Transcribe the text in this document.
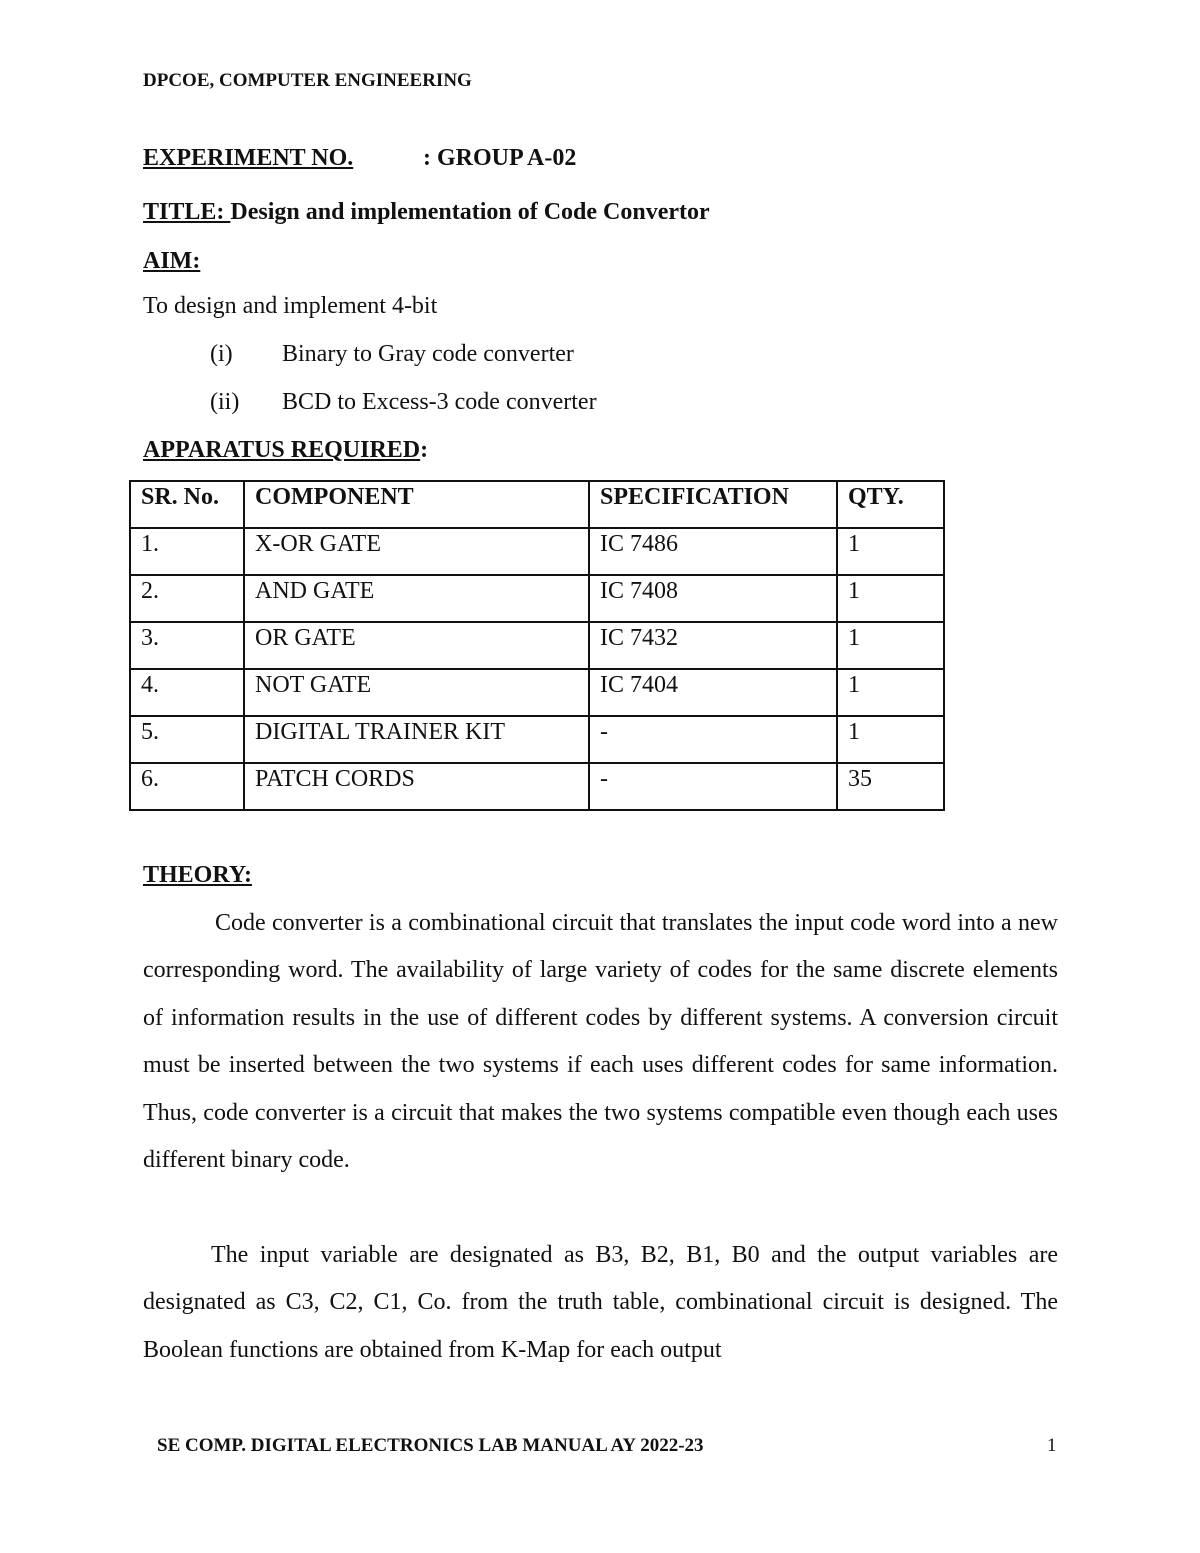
DPCOE, COMPUTER ENGINEERING
EXPERIMENT NO.	: GROUP A-02
TITLE: Design and implementation of Code Convertor
AIM:
To design and implement 4-bit
(i) Binary to Gray code converter
(ii) BCD to Excess-3 code converter
APPARATUS REQUIRED:
SR. No.	COMPONENT	SPECIFICATION	QTY.
1.	X-OR GATE	IC 7486	1
2.	AND GATE	IC 7408	1
3.	OR GATE	IC 7432	1
4.	NOT GATE	IC 7404	1
5.	DIGITAL TRAINER KIT	-	1
6.	PATCH CORDS	-	35
THEORY:
Code converter is a combinational circuit that translates the input code word into a new corresponding word. The availability of large variety of codes for the same discrete elements of information results in the use of different codes by different systems. A conversion circuit must be inserted between the two systems if each uses different codes for same information. Thus, code converter is a circuit that makes the two systems compatible even though each uses different binary code.
The input variable are designated as B3, B2, B1, B0 and the output variables are designated as C3, C2, C1, Co. from the truth table, combinational circuit is designed. The Boolean functions are obtained from K-Map for each output
SE COMP. DIGITAL ELECTRONICS LAB MANUAL AY 2022-23	1
